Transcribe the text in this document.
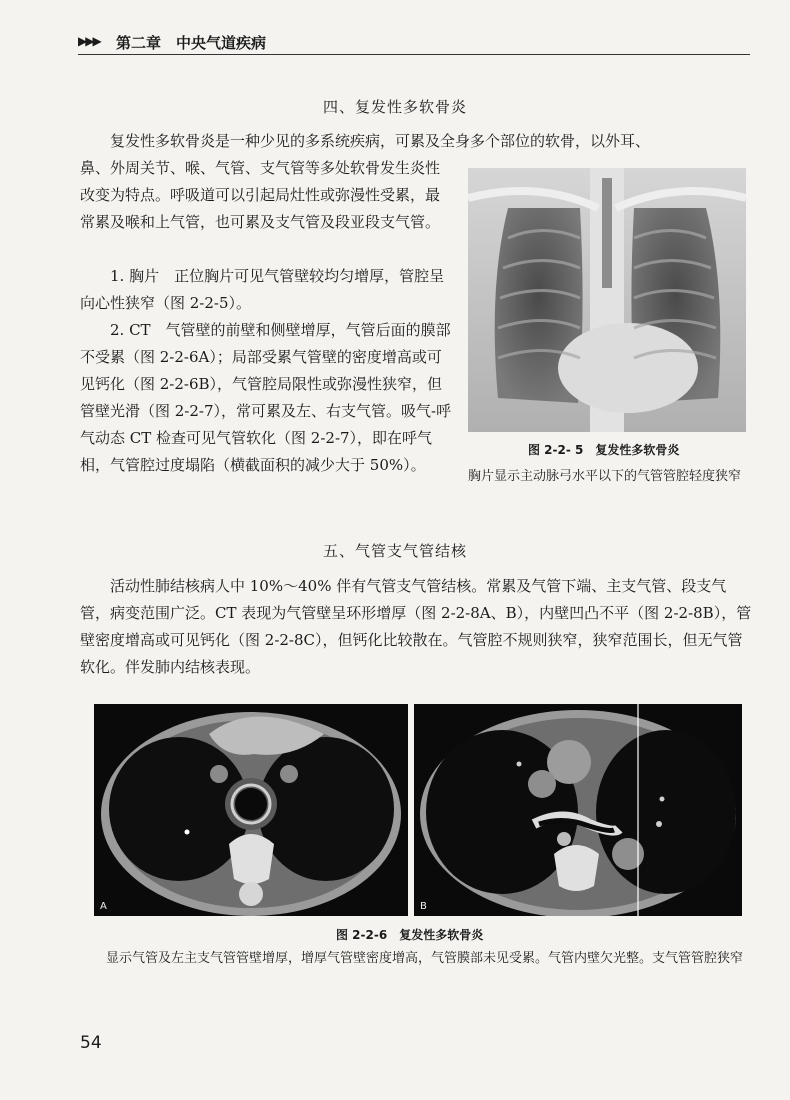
▶▶▶ 第二章　中央气道疾病
四、复发性多软骨炎

复发性多软骨炎是一种少见的多系统疾病，可累及全身多个部位的软骨，以外耳、

鼻、外周关节、喉、气管、支气管等多处软骨发生炎性改变为特点。呼吸道可以引起局灶性或弥漫性受累，最常累及喉和上气管，也可累及支气管及段亚段支气管。

1. 胸片　正位胸片可见气管壁较均匀增厚，管腔呈向心性狭窄（图 2-2-5）。

2. CT　气管壁的前壁和侧壁增厚，气管后面的膜部不受累（图 2-2-6A）；局部受累气管壁的密度增高或可见钙化（图 2-2-6B），气管腔局限性或弥漫性狭窄，但管壁光滑（图 2-2-7），常可累及左、右支气管。吸气-呼气动态 CT 检查可见气管软化（图 2-2-7），即在呼气相，气管腔过度塌陷（横截面积的减少大于 50%）。

图 2-2- 5　复发性多软骨炎

胸片显示主动脉弓水平以下的气管管腔轻度狭窄

五、气管支气管结核

活动性肺结核病人中 10%～40% 伴有气管支气管结核。常累及气管下端、主支气管、段支气管，病变范围广泛。CT 表现为气管壁呈环形增厚（图 2-2-8A、B），内壁凹凸不平（图 2-2-8B），管壁密度增高或可见钙化（图 2-2-8C），但钙化比较散在。气管腔不规则狭窄，狭窄范围长，但无气管软化。伴发肺内结核表现。

A	B
图 2-2-6　复发性多软骨炎

显示气管及左主支气管管壁增厚，增厚气管壁密度增高，气管膜部未见受累。气管内壁欠光整。支气管管腔狭窄

54
